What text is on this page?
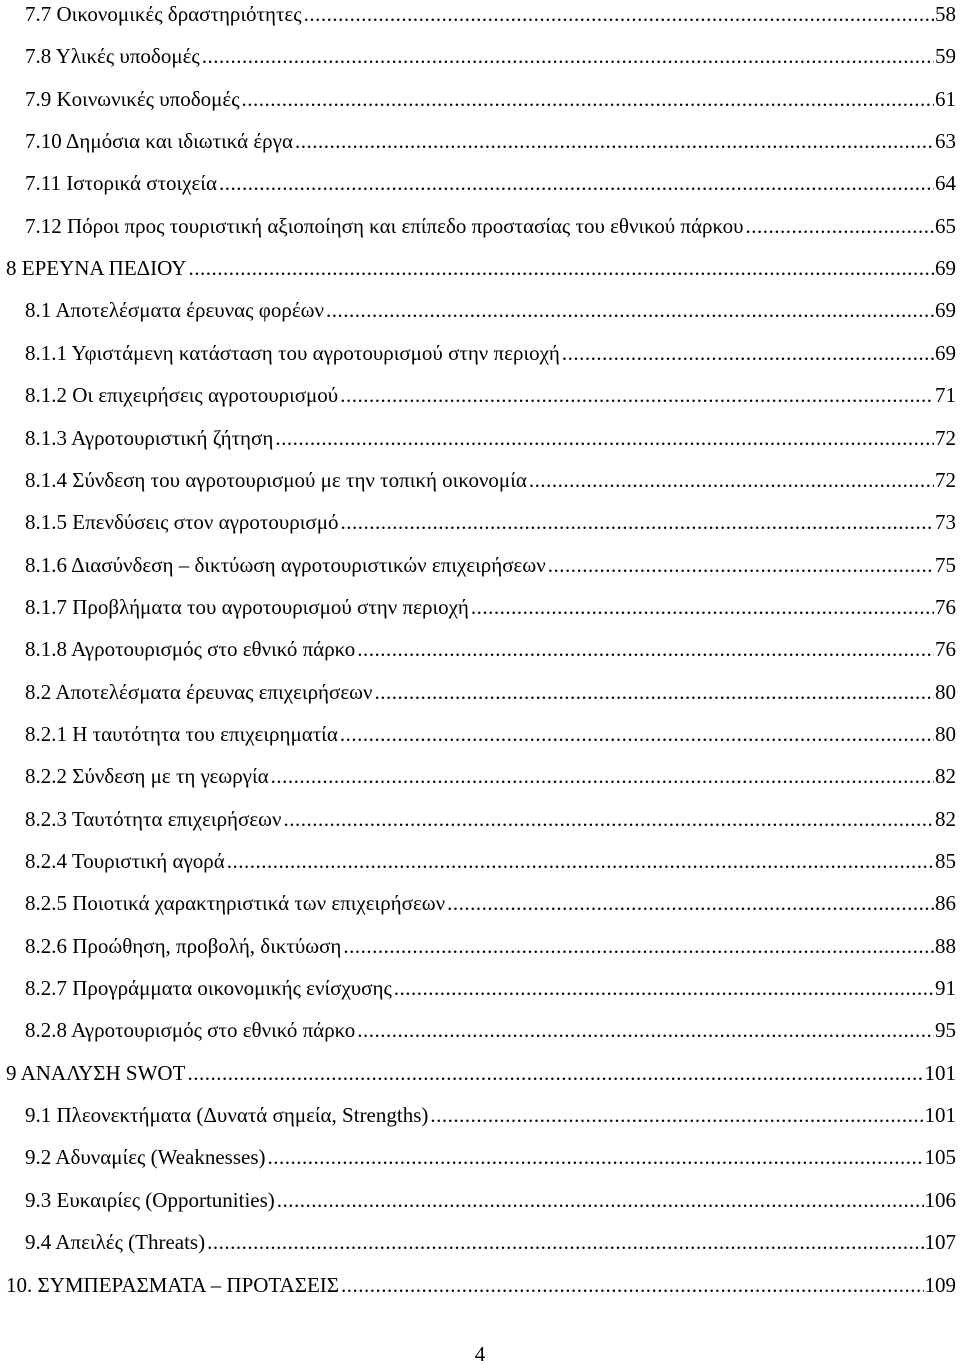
7.7 Οικονομικές δραστηριότητες .....	58
7.8 Υλικές υποδομές .....	59
7.9 Κοινωνικές υποδομές .....	61
7.10 Δημόσια και ιδιωτικά έργα .....	63
7.11 Ιστορικά στοιχεία .....	64
7.12 Πόροι προς τουριστική αξιοποίηση και επίπεδο προστασίας του εθνικού πάρκου .....	65
8 ΕΡΕΥΝΑ ΠΕΔΙΟΥ .....	69
8.1 Αποτελέσματα έρευνας φορέων .....	69
8.1.1 Υφιστάμενη κατάσταση του αγροτουρισμού στην περιοχή .....	69
8.1.2 Οι επιχειρήσεις αγροτουρισμού .....	71
8.1.3 Αγροτουριστική ζήτηση .....	72
8.1.4 Σύνδεση του αγροτουρισμού με την τοπική οικονομία .....	72
8.1.5 Επενδύσεις στον αγροτουρισμό .....	73
8.1.6 Διασύνδεση – δικτύωση αγροτουριστικών επιχειρήσεων .....	75
8.1.7 Προβλήματα του αγροτουρισμού στην περιοχή .....	76
8.1.8 Αγροτουρισμός στο εθνικό πάρκο .....	76
8.2 Αποτελέσματα έρευνας επιχειρήσεων .....	80
8.2.1 Η ταυτότητα του επιχειρηματία .....	80
8.2.2 Σύνδεση με τη γεωργία .....	82
8.2.3 Ταυτότητα επιχειρήσεων .....	82
8.2.4 Τουριστική αγορά .....	85
8.2.5 Ποιοτικά χαρακτηριστικά των επιχειρήσεων .....	86
8.2.6 Προώθηση, προβολή, δικτύωση .....	88
8.2.7 Προγράμματα οικονομικής ενίσχυσης .....	91
8.2.8 Αγροτουρισμός στο εθνικό πάρκο .....	95
9 ΑΝΑΛΥΣΗ SWOT .....	101
9.1 Πλεονεκτήματα (Δυνατά σημεία, Strengths) .....	101
9.2 Αδυναμίες (Weaknesses) .....	105
9.3 Ευκαιρίες (Opportunities) .....	106
9.4 Απειλές (Threats) .....	107
10. ΣΥΜΠΕΡΑΣΜΑΤΑ – ΠΡΟΤΑΣΕΙΣ .....	109
4
